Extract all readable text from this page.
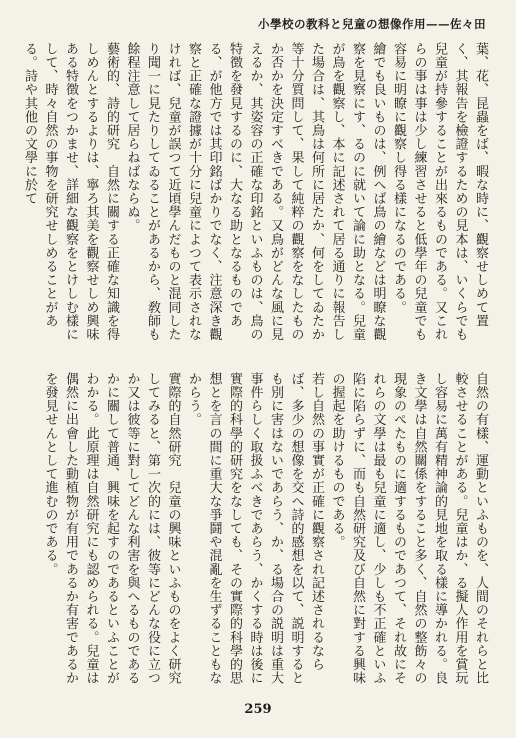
小學校の教科と兒童の想像作用——佐々田

葉、花、昆蟲をば、暇な時に、觀察せしめて置く、其報告を檢證するための見本は、いくらでも兒童が持參することが出來るものである。又これらの事は事は少し練習させると低學年の兒童でも容易に明瞭に觀察し得る樣になるのである。

繪でも良いものは、例へば鳥の繪などは明瞭な觀察を見察にす、るのに就いて論に助となる。兒童が鳥を觀察し、本に記述されて居る通りに報告した場合は、其鳥は何所に居たか、何をしてゐたか等十分質問して、果して純粹の觀察をなしたものか否かを決定すべきである。又鳥がどんな風に見えるか、其姿容の正確な印銘といふものは、鳥の特徴を發見するのに、大なる助となるものである、が他方では其印銘ばかりでなく、注意深き觀察と正確な證據が十分に兒童によつて表示されなければ、兒童が誤つて近頃學んだものと混同したり聞一に見たりしてゐることがあるから、敎師も餘程注意して居らねばならぬ。

藝術的、詩的研究　自然に關する正確な知識を得しめんとするよりは、寧ろ其美を觀察せしめ興味ある特徴をつかませ、詳細な觀察をとけしむ樣にして、時々自然の事物を研究せしめることがある。詩や其他の文學に於て

自然の有樣、運動といふものを、人間のそれらと比較させることがある。兒童はか、る擬人作用を賞玩し容易に萬有精神論的見地を取る樣に導かれる。良き文學は自然關係をすること多く、自然の整飭々の現象のぺたものに適するものであつて、それ故にそれらの文學は最も兒童に適し、少しも不正確といふ陷に陷らずに、而も自然研究及び自然に對する興味の握起を助けるものである。

若し自然の事實が正確に觀察され記述されるならば、多少の想像を交へ詩的感想を以て、説明するとも別に害はないであらう、か、る場合の説明は重大事件らしく取扱ふべきであらう、かくする時は後に實際的科學的研究をなしても、その實際的科學的思想とを言の間に重大な爭鬪や混亂を生ずることもなからう。

實際的自然研究　兒童の興味といふものをよく研究してみると、第一次的には、彼等にどんな役に立つか又は彼等に對してどんな利害を與へるものであるかに關して普通、興味を起すのであるといふことがわかる。此原理は自然研究にも認められる。兒童は偶然に出會した動植物が有用であるか有害であるかを發見せんとして進むのである。

259
